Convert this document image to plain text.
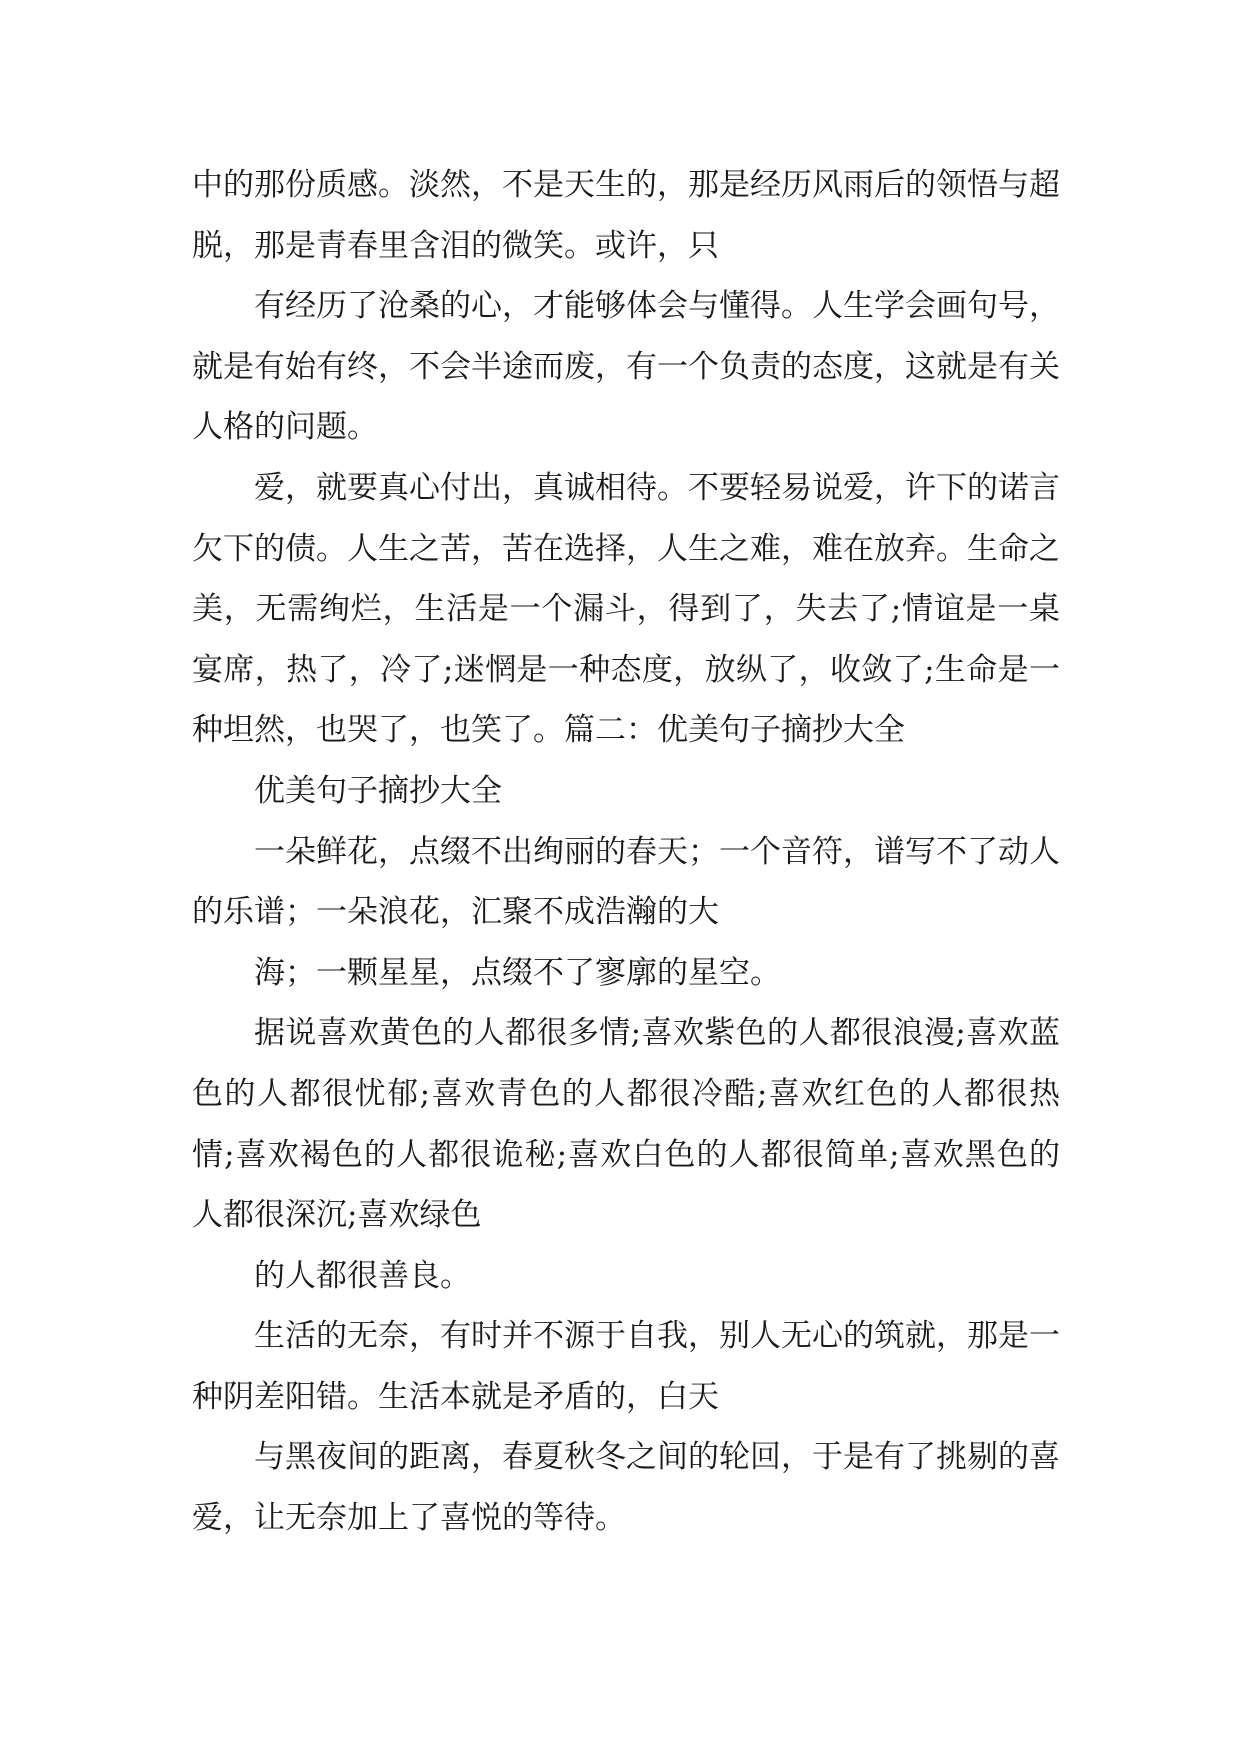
中的那份质感。淡然，不是天生的，那是经历风雨后的领悟与超脱，那是青春里含泪的微笑。或许，只

有经历了沧桑的心，才能够体会与懂得。人生学会画句号，就是有始有终，不会半途而废，有一个负责的态度，这就是有关人格的问题。

爱，就要真心付出，真诚相待。不要轻易说爱，许下的诺言欠下的债。人生之苦，苦在选择，人生之难，难在放弃。生命之美，无需绚烂，生活是一个漏斗，得到了，失去了;情谊是一桌宴席，热了，冷了;迷惘是一种态度，放纵了，收敛了;生命是一种坦然，也哭了，也笑了。篇二：优美句子摘抄大全

优美句子摘抄大全

一朵鲜花，点缀不出绚丽的春天；一个音符，谱写不了动人的乐谱；一朵浪花，汇聚不成浩瀚的大

海；一颗星星，点缀不了寥廓的星空。

据说喜欢黄色的人都很多情;喜欢紫色的人都很浪漫;喜欢蓝色的人都很忧郁;喜欢青色的人都很冷酷;喜欢红色的人都很热情;喜欢褐色的人都很诡秘;喜欢白色的人都很简单;喜欢黑色的人都很深沉;喜欢绿色

的人都很善良。

生活的无奈，有时并不源于自我，别人无心的筑就，那是一种阴差阳错。生活本就是矛盾的，白天

与黑夜间的距离，春夏秋冬之间的轮回，于是有了挑剔的喜爱，让无奈加上了喜悦的等待。
